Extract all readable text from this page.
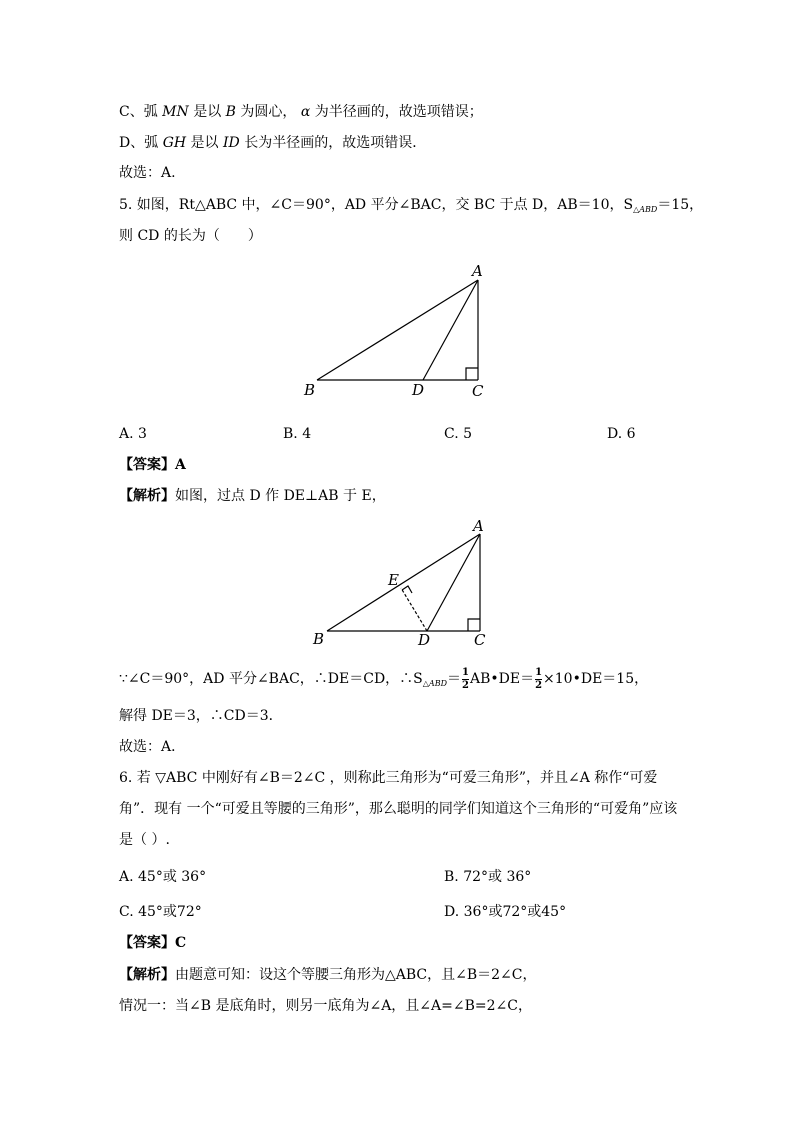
C、弧 MN 是以 B 为圆心， α 为半径画的，故选项错误；
D、弧 GH 是以 ID 长为半径画的，故选项错误．
故选：A.
5. 如图，Rt△ABC 中，∠C＝90°，AD 平分∠BAC，交 BC 于点 D，AB＝10，$S_{\triangle ABD}=15$，
则 CD 的长为（　　）
A
B	D	C
A
E
B	D	C
A. 3	B. 4	C. 5	D. 6
【答案】A
【解析】如图，过点 D 作 DE⊥AB 于 E，
∵∠C＝90°，AD 平分∠BAC，∴DE＝CD，$\therefore S_{\triangle ABD}= \frac{1}{2}$ AB•DE＝ $\frac{1}{2}$ ×10•DE＝15，
解得 DE＝3，∴CD＝3．
故选：A．
6. 若 ▽ABC 中刚好有∠B＝2∠C ，则称此三角形为“可爱三角形”，并且∠A 称作“可爱
角”．现有 一个“可爱且等腰的三角形”，那么聪明的同学们知道这个三角形的“可爱角”应该
是（ ）.
A. 45°或 36°	B. 72°或 36°
C. 45°或72°	D. 36°或72°或45°
【答案】C
【解析】由题意可知：设这个等腰三角形为△ABC，且∠B＝2∠C，
情况一：当∠B 是底角时，则另一底角为∠A，且∠A=∠B=2∠C，
